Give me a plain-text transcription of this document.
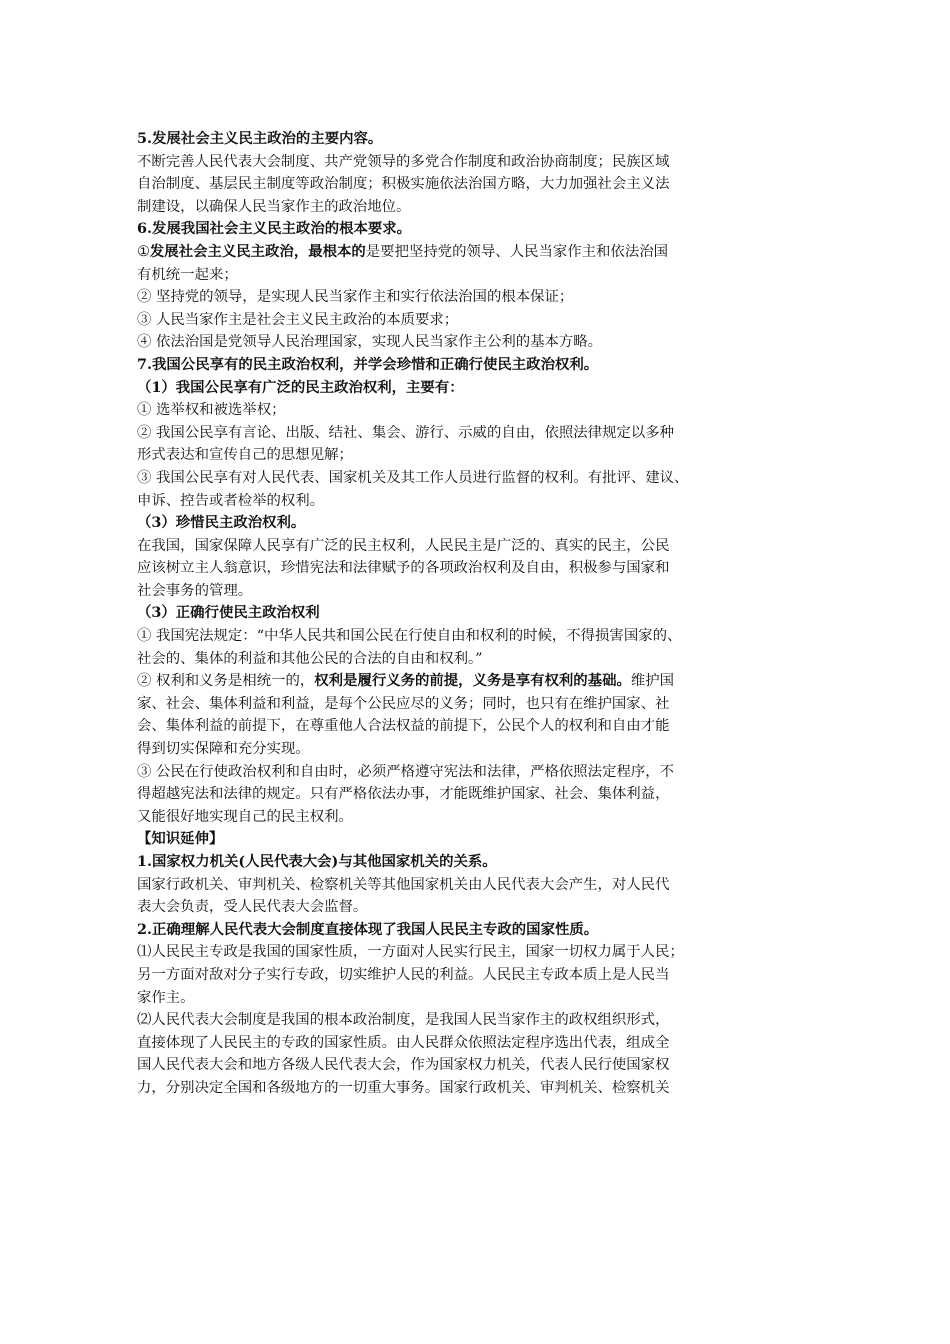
5.发展社会主义民主政治的主要内容。
不断完善人民代表大会制度、共产党领导的多党合作制度和政治协商制度；民族区域
自治制度、基层民主制度等政治制度；积极实施依法治国方略，大力加强社会主义法
制建设，以确保人民当家作主的政治地位。
6.发展我国社会主义民主政治的根本要求。
①发展社会主义民主政治，最根本的是要把坚持党的领导、人民当家作主和依法治国
有机统一起来；
② 坚持党的领导，是实现人民当家作主和实行依法治国的根本保证；
③ 人民当家作主是社会主义民主政治的本质要求；
④ 依法治国是党领导人民治理国家，实现人民当家作主公利的基本方略。
7.我国公民享有的民主政治权利，并学会珍惜和正确行使民主政治权利。
（1）我国公民享有广泛的民主政治权利，主要有：
① 选举权和被选举权；
② 我国公民享有言论、出版、结社、集会、游行、示威的自由，依照法律规定以多种
形式表达和宣传自己的思想见解；
③ 我国公民享有对人民代表、国家机关及其工作人员进行监督的权利。有批评、建议、
申诉、控告或者检举的权利。
（3）珍惜民主政治权利。
在我国，国家保障人民享有广泛的民主权利，人民民主是广泛的、真实的民主，公民
应该树立主人翁意识，珍惜宪法和法律赋予的各项政治权利及自由，积极参与国家和
社会事务的管理。
（3）正确行使民主政治权利
① 我国宪法规定：“中华人民共和国公民在行使自由和权利的时候，不得损害国家的、
社会的、集体的利益和其他公民的合法的自由和权利。”
② 权利和义务是相统一的，权利是履行义务的前提，义务是享有权利的基础。维护国
家、社会、集体利益和利益，是每个公民应尽的义务；同时，也只有在维护国家、社
会、集体利益的前提下，在尊重他人合法权益的前提下，公民个人的权利和自由才能
得到切实保障和充分实现。
③ 公民在行使政治权利和自由时，必须严格遵守宪法和法律，严格依照法定程序，不
得超越宪法和法律的规定。只有严格依法办事，才能既维护国家、社会、集体利益，
又能很好地实现自己的民主权利。
【知识延伸】
1.国家权力机关(人民代表大会)与其他国家机关的关系。
国家行政机关、审判机关、检察机关等其他国家机关由人民代表大会产生，对人民代
表大会负责，受人民代表大会监督。
2.正确理解人民代表大会制度直接体现了我国人民民主专政的国家性质。
⑴人民民主专政是我国的国家性质，一方面对人民实行民主，国家一切权力属于人民；
另一方面对敌对分子实行专政，切实维护人民的利益。人民民主专政本质上是人民当
家作主。
⑵人民代表大会制度是我国的根本政治制度，是我国人民当家作主的政权组织形式，
直接体现了人民民主的专政的国家性质。由人民群众依照法定程序选出代表，组成全
国人民代表大会和地方各级人民代表大会，作为国家权力机关，代表人民行使国家权
力，分别决定全国和各级地方的一切重大事务。国家行政机关、审判机关、检察机关
